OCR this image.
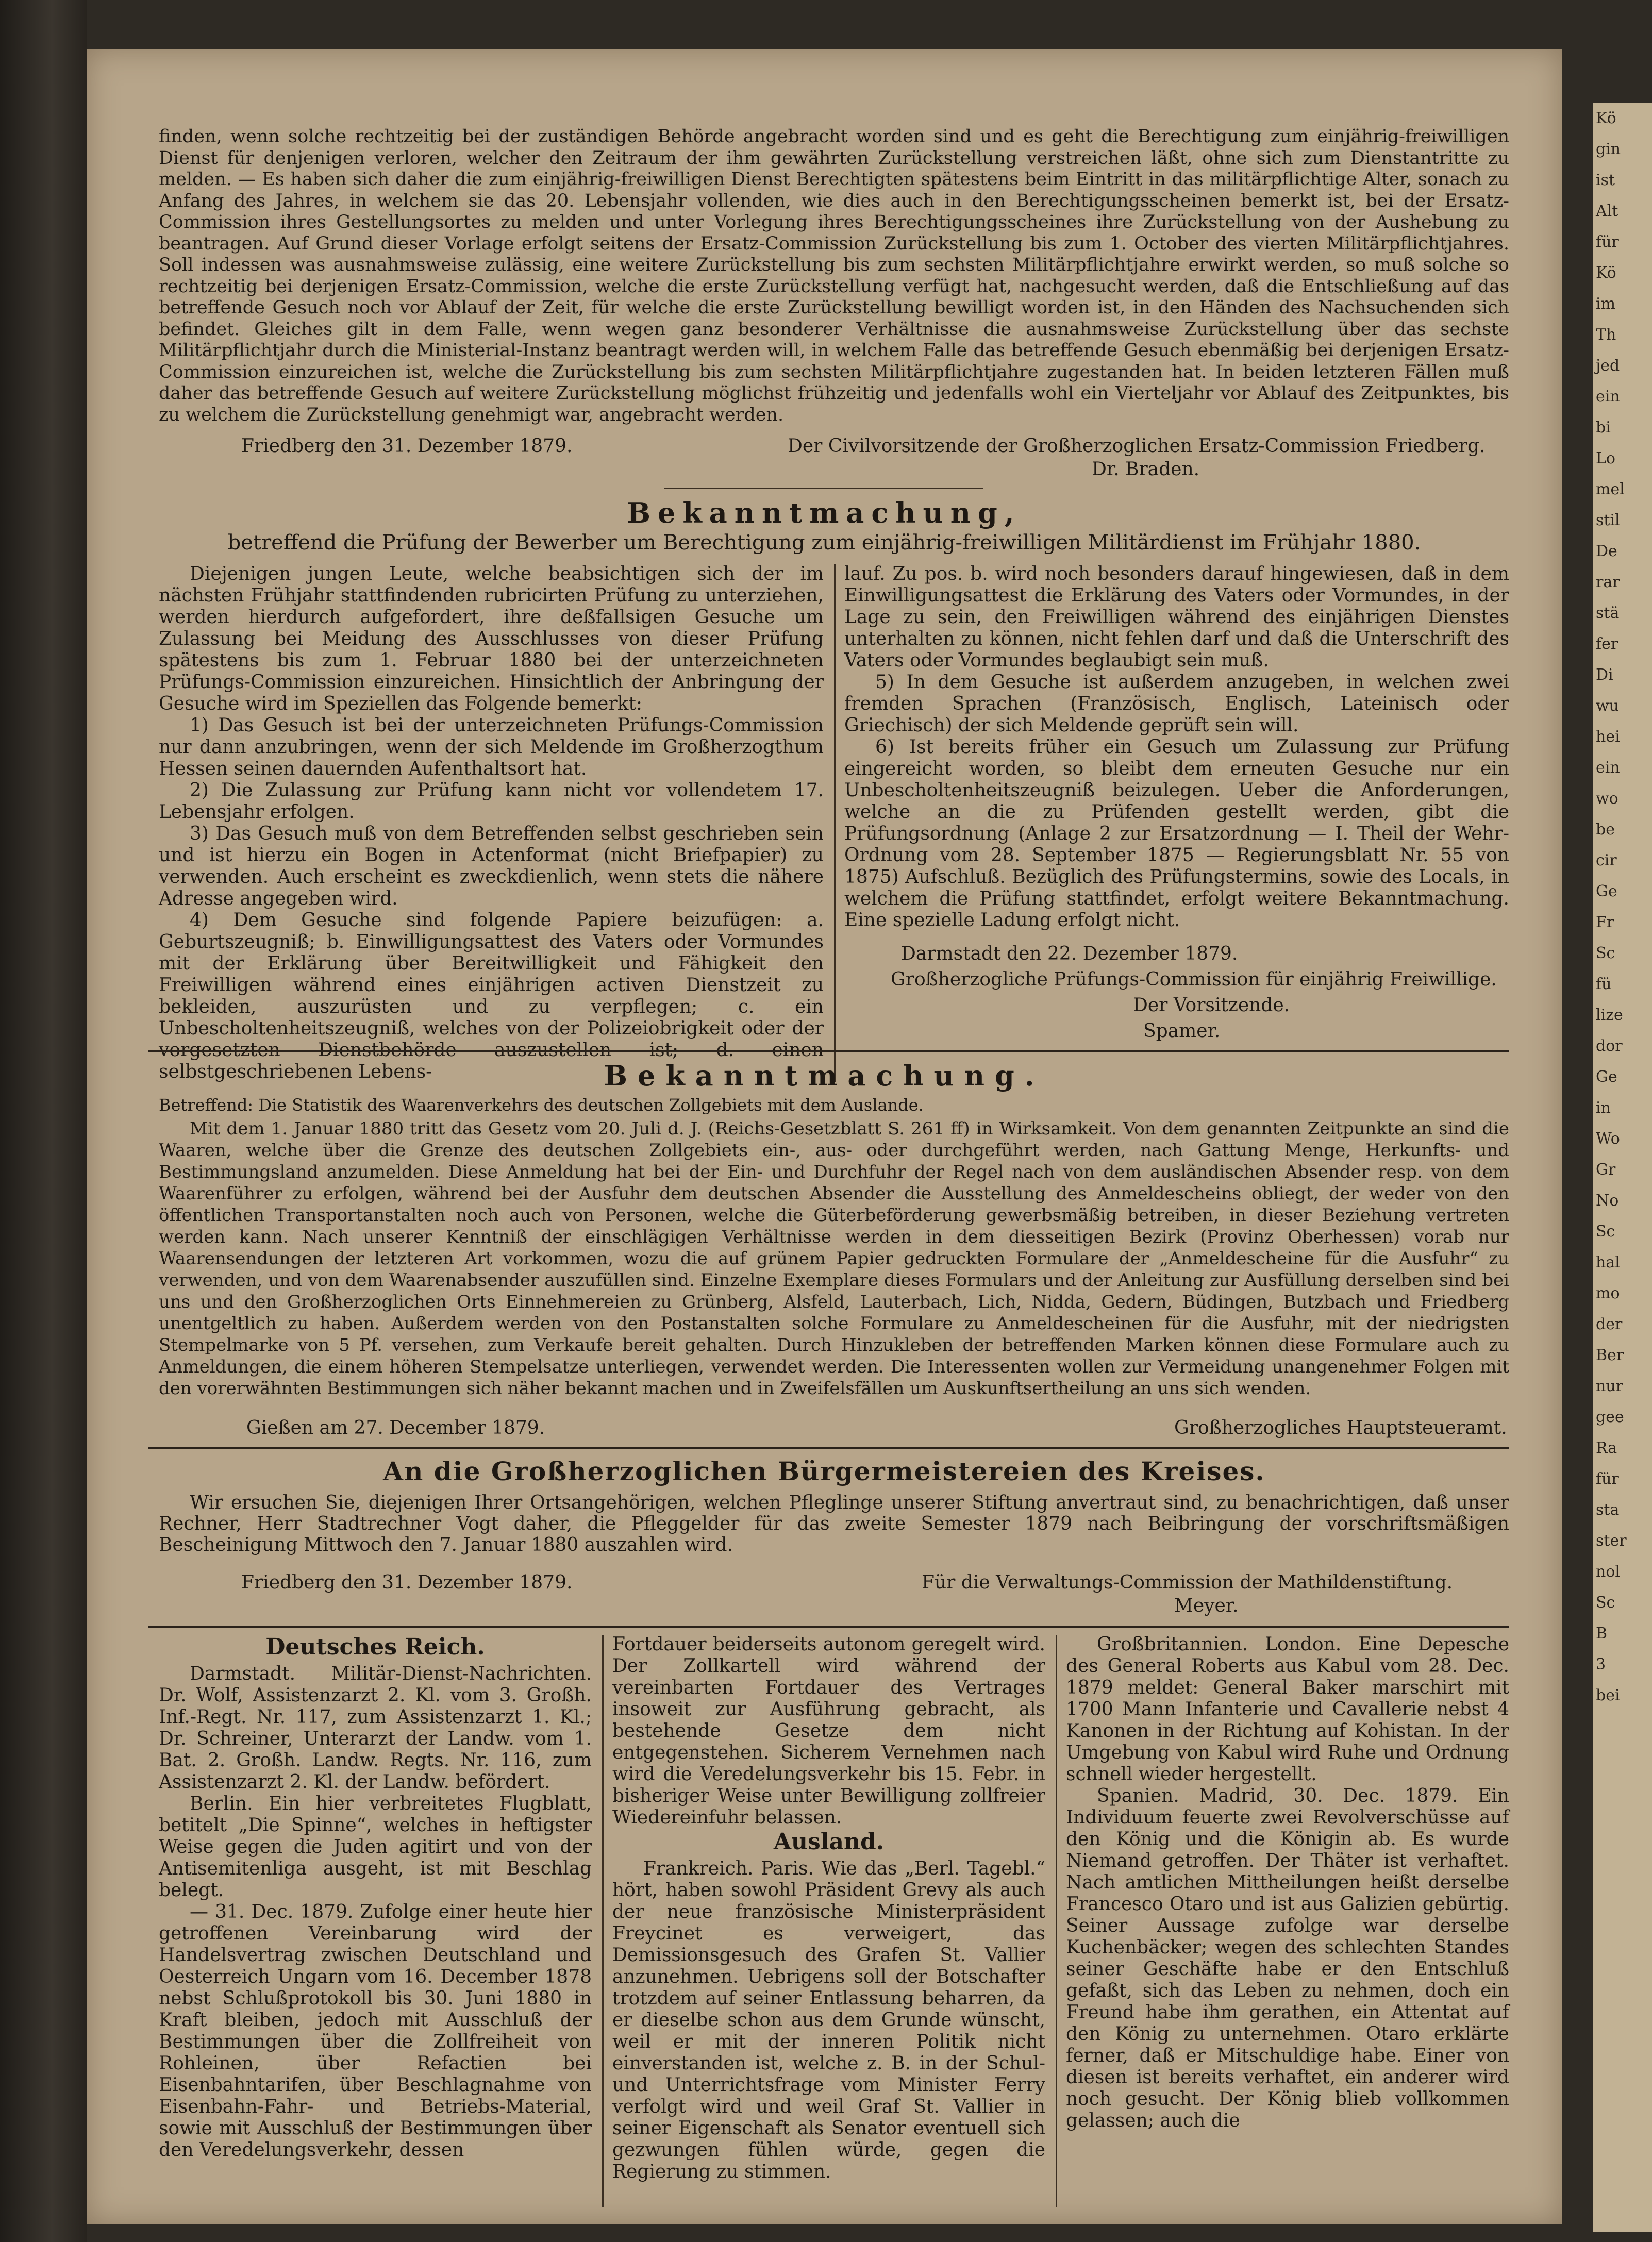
Kö
gin
ist
Alt
für
Kö
im
Th
jed
ein
bi
Lo
mel
stil
De
rar
stä
fer
Di
wu
hei
ein
wo
be
cir
Ge
Fr
Sc
fü
lize
dor
Ge
in
Wo
Gr
No
Sc
hal
mo
der
Ber
nur
gee
Ra
für
sta
ster
nol
Sc
B
3
bei

finden, wenn solche rechtzeitig bei der zuständigen Behörde angebracht worden sind und es geht die Berechtigung zum einjährig-freiwilligen Dienst für denjenigen verloren, welcher den Zeitraum der ihm gewährten Zurückstellung verstreichen läßt, ohne sich zum Dienstantritte zu melden. — Es haben sich daher die zum einjährig-freiwilligen Dienst Berechtigten spätestens beim Eintritt in das militärpflichtige Alter, sonach zu Anfang des Jahres, in welchem sie das 20. Lebensjahr vollenden, wie dies auch in den Berechtigungsscheinen bemerkt ist, bei der Ersatz-Commission ihres Gestellungsortes zu melden und unter Vorlegung ihres Berechtigungsscheines ihre Zurückstellung von der Aushebung zu beantragen. Auf Grund dieser Vorlage erfolgt seitens der Ersatz-Commission Zurückstellung bis zum 1. October des vierten Militärpflichtjahres. Soll indessen was ausnahmsweise zulässig, eine weitere Zurückstellung bis zum sechsten Militärpflichtjahre erwirkt werden, so muß solche so rechtzeitig bei derjenigen Ersatz-Commission, welche die erste Zurückstellung verfügt hat, nachgesucht werden, daß die Entschließung auf das betreffende Gesuch noch vor Ablauf der Zeit, für welche die erste Zurückstellung bewilligt worden ist, in den Händen des Nachsuchenden sich befindet. Gleiches gilt in dem Falle, wenn wegen ganz besonderer Verhältnisse die ausnahmsweise Zurückstellung über das sechste Militärpflichtjahr durch die Ministerial-Instanz beantragt werden will, in welchem Falle das betreffende Gesuch ebenmäßig bei derjenigen Ersatz-Commission einzureichen ist, welche die Zurückstellung bis zum sechsten Militärpflichtjahre zugestanden hat. In beiden letzteren Fällen muß daher das betreffende Gesuch auf weitere Zurückstellung möglichst frühzeitig und jedenfalls wohl ein Vierteljahr vor Ablauf des Zeitpunktes, bis zu welchem die Zurückstellung genehmigt war, angebracht werden.

Friedberg den 31. Dezember 1879.	Der Civilvorsitzende der Großherzoglichen Ersatz-Commission Friedberg.
Dr. Braden.
Bekanntmachung,
betreffend die Prüfung der Bewerber um Berechtigung zum einjährig-freiwilligen Militärdienst im Frühjahr 1880.

Diejenigen jungen Leute, welche beabsichtigen sich der im nächsten Frühjahr stattfindenden rubricirten Prüfung zu unterziehen, werden hierdurch aufgefordert, ihre deßfallsigen Gesuche um Zulassung bei Meidung des Ausschlusses von dieser Prüfung spätestens bis zum 1. Februar 1880 bei der unterzeichneten Prüfungs-Commission einzureichen. Hinsichtlich der Anbringung der Gesuche wird im Speziellen das Folgende bemerkt:

1) Das Gesuch ist bei der unterzeichneten Prüfungs-Commission nur dann anzubringen, wenn der sich Meldende im Großherzogthum Hessen seinen dauernden Aufenthaltsort hat.

2) Die Zulassung zur Prüfung kann nicht vor vollendetem 17. Lebensjahr erfolgen.

3) Das Gesuch muß von dem Betreffenden selbst geschrieben sein und ist hierzu ein Bogen in Actenformat (nicht Briefpapier) zu verwenden. Auch erscheint es zweckdienlich, wenn stets die nähere Adresse angegeben wird.

4) Dem Gesuche sind folgende Papiere beizufügen: a. Geburtszeugniß; b. Einwilligungsattest des Vaters oder Vormundes mit der Erklärung über Bereitwilligkeit und Fähigkeit den Freiwilligen während eines einjährigen activen Dienstzeit zu bekleiden, auszurüsten und zu verpflegen; c. ein Unbescholtenheitszeugniß, welches von der Polizeiobrigkeit oder der vorgesetzten Dienstbehörde auszustellen ist; d. einen selbstgeschriebenen Lebens-

lauf. Zu pos. b. wird noch besonders darauf hingewiesen, daß in dem Einwilligungsattest die Erklärung des Vaters oder Vormundes, in der Lage zu sein, den Freiwilligen während des einjährigen Dienstes unterhalten zu können, nicht fehlen darf und daß die Unterschrift des Vaters oder Vormundes beglaubigt sein muß.

5) In dem Gesuche ist außerdem anzugeben, in welchen zwei fremden Sprachen (Französisch, Englisch, Lateinisch oder Griechisch) der sich Meldende geprüft sein will.

6) Ist bereits früher ein Gesuch um Zulassung zur Prüfung eingereicht worden, so bleibt dem erneuten Gesuche nur ein Unbescholtenheitszeugniß beizulegen. Ueber die Anforderungen, welche an die zu Prüfenden gestellt werden, gibt die Prüfungsordnung (Anlage 2 zur Ersatzordnung — I. Theil der Wehr-Ordnung vom 28. September 1875 — Regierungsblatt Nr. 55 von 1875) Aufschluß. Bezüglich des Prüfungstermins, sowie des Locals, in welchem die Prüfung stattfindet, erfolgt weitere Bekanntmachung. Eine spezielle Ladung erfolgt nicht.

Darmstadt den 22. Dezember 1879.
Großherzogliche Prüfungs-Commission für einjährig Freiwillige.
Der Vorsitzende.
Spamer.
Bekanntmachung.
Betreffend: Die Statistik des Waarenverkehrs des deutschen Zollgebiets mit dem Auslande.

Mit dem 1. Januar 1880 tritt das Gesetz vom 20. Juli d. J. (Reichs-Gesetzblatt S. 261 ff) in Wirksamkeit. Von dem genannten Zeitpunkte an sind die Waaren, welche über die Grenze des deutschen Zollgebiets ein-, aus- oder durchgeführt werden, nach Gattung Menge, Herkunfts- und Bestimmungsland anzumelden. Diese Anmeldung hat bei der Ein- und Durchfuhr der Regel nach von dem ausländischen Absender resp. von dem Waarenführer zu erfolgen, während bei der Ausfuhr dem deutschen Absender die Ausstellung des Anmeldescheins obliegt, der weder von den öffentlichen Transportanstalten noch auch von Personen, welche die Güterbeförderung gewerbsmäßig betreiben, in dieser Beziehung vertreten werden kann. Nach unserer Kenntniß der einschlägigen Verhältnisse werden in dem diesseitigen Bezirk (Provinz Oberhessen) vorab nur Waarensendungen der letzteren Art vorkommen, wozu die auf grünem Papier gedruckten Formulare der „Anmeldescheine für die Ausfuhr“ zu verwenden, und von dem Waarenabsender auszufüllen sind. Einzelne Exemplare dieses Formulars und der Anleitung zur Ausfüllung derselben sind bei uns und den Großherzoglichen Orts Einnehmereien zu Grünberg, Alsfeld, Lauterbach, Lich, Nidda, Gedern, Büdingen, Butzbach und Friedberg unentgeltlich zu haben. Außerdem werden von den Postanstalten solche Formulare zu Anmeldescheinen für die Ausfuhr, mit der niedrigsten Stempelmarke von 5 Pf. versehen, zum Verkaufe bereit gehalten. Durch Hinzukleben der betreffenden Marken können diese Formulare auch zu Anmeldungen, die einem höheren Stempelsatze unterliegen, verwendet werden. Die Interessenten wollen zur Vermeidung unangenehmer Folgen mit den vorerwähnten Bestimmungen sich näher bekannt machen und in Zweifelsfällen um Auskunftsertheilung an uns sich wenden.

Gießen am 27. December 1879.	Großherzogliches Hauptsteueramt.
An die Großherzoglichen Bürgermeistereien des Kreises.

Wir ersuchen Sie, diejenigen Ihrer Ortsangehörigen, welchen Pfleglinge unserer Stiftung anvertraut sind, zu benachrichtigen, daß unser Rechner, Herr Stadtrechner Vogt daher, die Pfleggelder für das zweite Semester 1879 nach Beibringung der vorschriftsmäßigen Bescheinigung Mittwoch den 7. Januar 1880 auszahlen wird.

Friedberg den 31. Dezember 1879.	Für die Verwaltungs-Commission der Mathildenstiftung.
Meyer.
Deutsches Reich.

Darmstadt. Militär-Dienst-Nachrichten. Dr. Wolf, Assistenzarzt 2. Kl. vom 3. Großh. Inf.-Regt. Nr. 117, zum Assistenzarzt 1. Kl.; Dr. Schreiner, Unterarzt der Landw. vom 1. Bat. 2. Großh. Landw. Regts. Nr. 116, zum Assistenzarzt 2. Kl. der Landw. befördert.

Berlin. Ein hier verbreitetes Flugblatt, betitelt „Die Spinne“, welches in heftigster Weise gegen die Juden agitirt und von der Antisemitenliga ausgeht, ist mit Beschlag belegt.

— 31. Dec. 1879. Zufolge einer heute hier getroffenen Vereinbarung wird der Handelsvertrag zwischen Deutschland und Oesterreich Ungarn vom 16. December 1878 nebst Schlußprotokoll bis 30. Juni 1880 in Kraft bleiben, jedoch mit Ausschluß der Bestimmungen über die Zollfreiheit von Rohleinen, über Refactien bei Eisenbahntarifen, über Beschlagnahme von Eisenbahn-Fahr- und Betriebs-Material, sowie mit Ausschluß der Bestimmungen über den Veredelungsverkehr, dessen

Fortdauer beiderseits autonom geregelt wird. Der Zollkartell wird während der vereinbarten Fortdauer des Vertrages insoweit zur Ausführung gebracht, als bestehende Gesetze dem nicht entgegenstehen. Sicherem Vernehmen nach wird die Veredelungsverkehr bis 15. Febr. in bisheriger Weise unter Bewilligung zollfreier Wiedereinfuhr belassen.

Ausland.

Frankreich. Paris. Wie das „Berl. Tagebl.“ hört, haben sowohl Präsident Grevy als auch der neue französische Ministerpräsident Freycinet es verweigert, das Demissionsgesuch des Grafen St. Vallier anzunehmen. Uebrigens soll der Botschafter trotzdem auf seiner Entlassung beharren, da er dieselbe schon aus dem Grunde wünscht, weil er mit der inneren Politik nicht einverstanden ist, welche z. B. in der Schul- und Unterrichtsfrage vom Minister Ferry verfolgt wird und weil Graf St. Vallier in seiner Eigenschaft als Senator eventuell sich gezwungen fühlen würde, gegen die Regierung zu stimmen.

Großbritannien. London. Eine Depesche des General Roberts aus Kabul vom 28. Dec. 1879 meldet: General Baker marschirt mit 1700 Mann Infanterie und Cavallerie nebst 4 Kanonen in der Richtung auf Kohistan. In der Umgebung von Kabul wird Ruhe und Ordnung schnell wieder hergestellt.

Spanien. Madrid, 30. Dec. 1879. Ein Individuum feuerte zwei Revolverschüsse auf den König und die Königin ab. Es wurde Niemand getroffen. Der Thäter ist verhaftet. Nach amtlichen Mittheilungen heißt derselbe Francesco Otaro und ist aus Galizien gebürtig. Seiner Aussage zufolge war derselbe Kuchenbäcker; wegen des schlechten Standes seiner Geschäfte habe er den Entschluß gefaßt, sich das Leben zu nehmen, doch ein Freund habe ihm gerathen, ein Attentat auf den König zu unternehmen. Otaro erklärte ferner, daß er Mitschuldige habe. Einer von diesen ist bereits verhaftet, ein anderer wird noch gesucht. Der König blieb vollkommen gelassen; auch die
